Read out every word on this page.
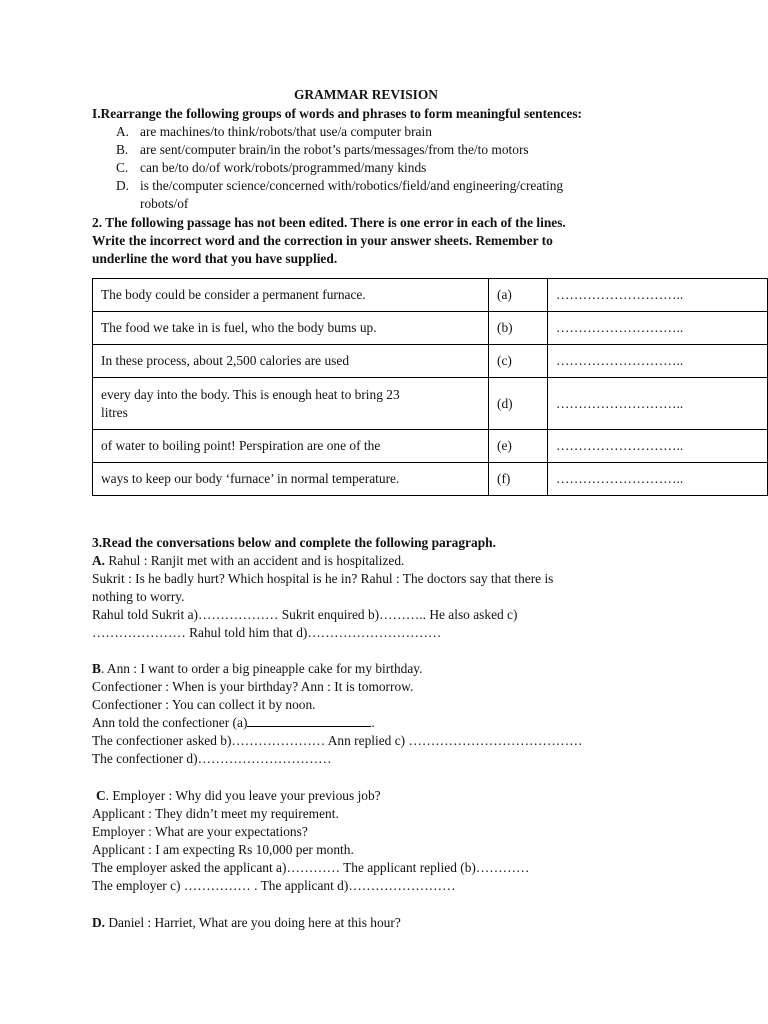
GRAMMAR REVISION
I.Rearrange the following groups of words and phrases to form meaningful sentences:
A. are machines/to think/robots/that use/a computer brain
B. are sent/computer brain/in the robot’s parts/messages/from the/to motors
C. can be/to do/of work/robots/programmed/many kinds
D. is the/computer science/concerned with/robotics/field/and engineering/creating
robots/of
2. The following passage has not been edited. There is one error in each of the lines.
Write the incorrect word and the correction in your answer sheets. Remember to
underline the word that you have supplied.
The body could be consider a permanent furnace.	(a)	………………………..
The food we take in is fuel, who the body bums up.	(b)	………………………..
In these process, about 2,500 calories are used	(c)	………………………..

every day into the body. This is enough heat to bring 23
litres	(d)	………………………..
of water to boiling point! Perspiration are one of the	(e)	………………………..
ways to keep our body ‘furnace’ in normal temperature.	(f)	………………………..
3.Read the conversations below and complete the following paragraph.
A. Rahul : Ranjit met with an accident and is hospitalized.
Sukrit : Is he badly hurt? Which hospital is he in? Rahul : The doctors say that there is
nothing to worry.
Rahul told Sukrit a)……………… Sukrit enquired b)……….. He also asked c)
………………… Rahul told him that d)…………………………
B. Ann : I want to order a big pineapple cake for my birthday.
Confectioner : When is your birthday? Ann : It is tomorrow.
Confectioner : You can collect it by noon.
Ann told the confectioner (a)	.
The confectioner asked b)………………… Ann replied c) …………………………………
The confectioner d)…………………………
C. Employer : Why did you leave your previous job?
Applicant : They didn’t meet my requirement.
Employer : What are your expectations?
Applicant : I am expecting Rs 10,000 per month.
The employer asked the applicant a)………… The applicant replied (b)…………
The employer c) …………… . The applicant d)……………………
D. Daniel : Harriet, What are you doing here at this hour?
